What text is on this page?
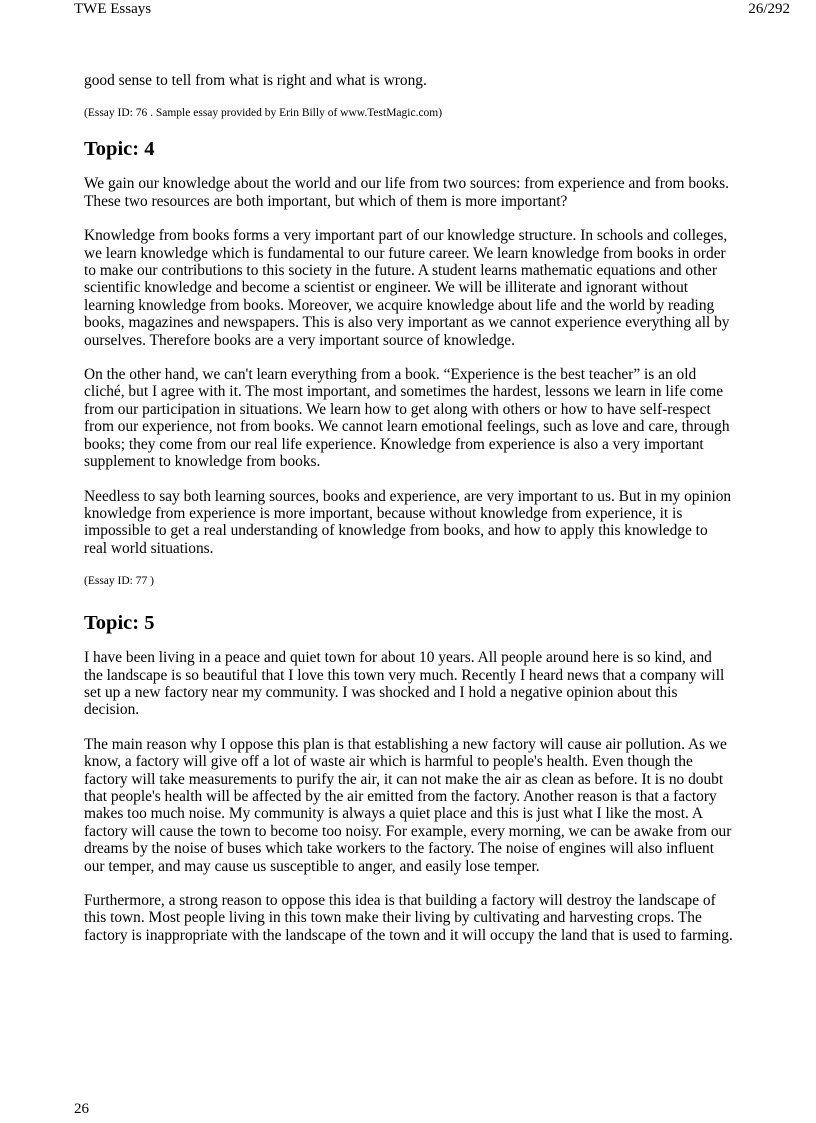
TWE Essays	26/292

good sense to tell from what is right and what is wrong.

(Essay ID: 76 . Sample essay provided by Erin Billy of www.TestMagic.com)

Topic: 4

We gain our knowledge about the world and our life from two sources: from experience and from books. These two resources are both important, but which of them is more important?

Knowledge from books forms a very important part of our knowledge structure. In schools and colleges, we learn knowledge which is fundamental to our future career. We learn knowledge from books in order to make our contributions to this society in the future. A student learns mathematic equations and other scientific knowledge and become a scientist or engineer. We will be illiterate and ignorant without learning knowledge from books. Moreover, we acquire knowledge about life and the world by reading books, magazines and newspapers. This is also very important as we cannot experience everything all by ourselves. Therefore books are a very important source of knowledge.

On the other hand, we can't learn everything from a book. “Experience is the best teacher” is an old cliché, but I agree with it. The most important, and sometimes the hardest, lessons we learn in life come from our participation in situations. We learn how to get along with others or how to have self-respect from our experience, not from books. We cannot learn emotional feelings, such as love and care, through books; they come from our real life experience. Knowledge from experience is also a very important supplement to knowledge from books.

Needless to say both learning sources, books and experience, are very important to us. But in my opinion knowledge from experience is more important, because without knowledge from experience, it is impossible to get a real understanding of knowledge from books, and how to apply this knowledge to real world situations.

(Essay ID: 77 )

Topic: 5

I have been living in a peace and quiet town for about 10 years. All people around here is so kind, and the landscape is so beautiful that I love this town very much. Recently I heard news that a company will set up a new factory near my community. I was shocked and I hold a negative opinion about this decision.

The main reason why I oppose this plan is that establishing a new factory will cause air pollution. As we know, a factory will give off a lot of waste air which is harmful to people's health. Even though the factory will take measurements to purify the air, it can not make the air as clean as before. It is no doubt that people's health will be affected by the air emitted from the factory. Another reason is that a factory makes too much noise. My community is always a quiet place and this is just what I like the most. A factory will cause the town to become too noisy. For example, every morning, we can be awake from our dreams by the noise of buses which take workers to the factory. The noise of engines will also influent our temper, and may cause us susceptible to anger, and easily lose temper.

Furthermore, a strong reason to oppose this idea is that building a factory will destroy the landscape of this town. Most people living in this town make their living by cultivating and harvesting crops. The factory is inappropriate with the landscape of the town and it will occupy the land that is used to farming.

26
